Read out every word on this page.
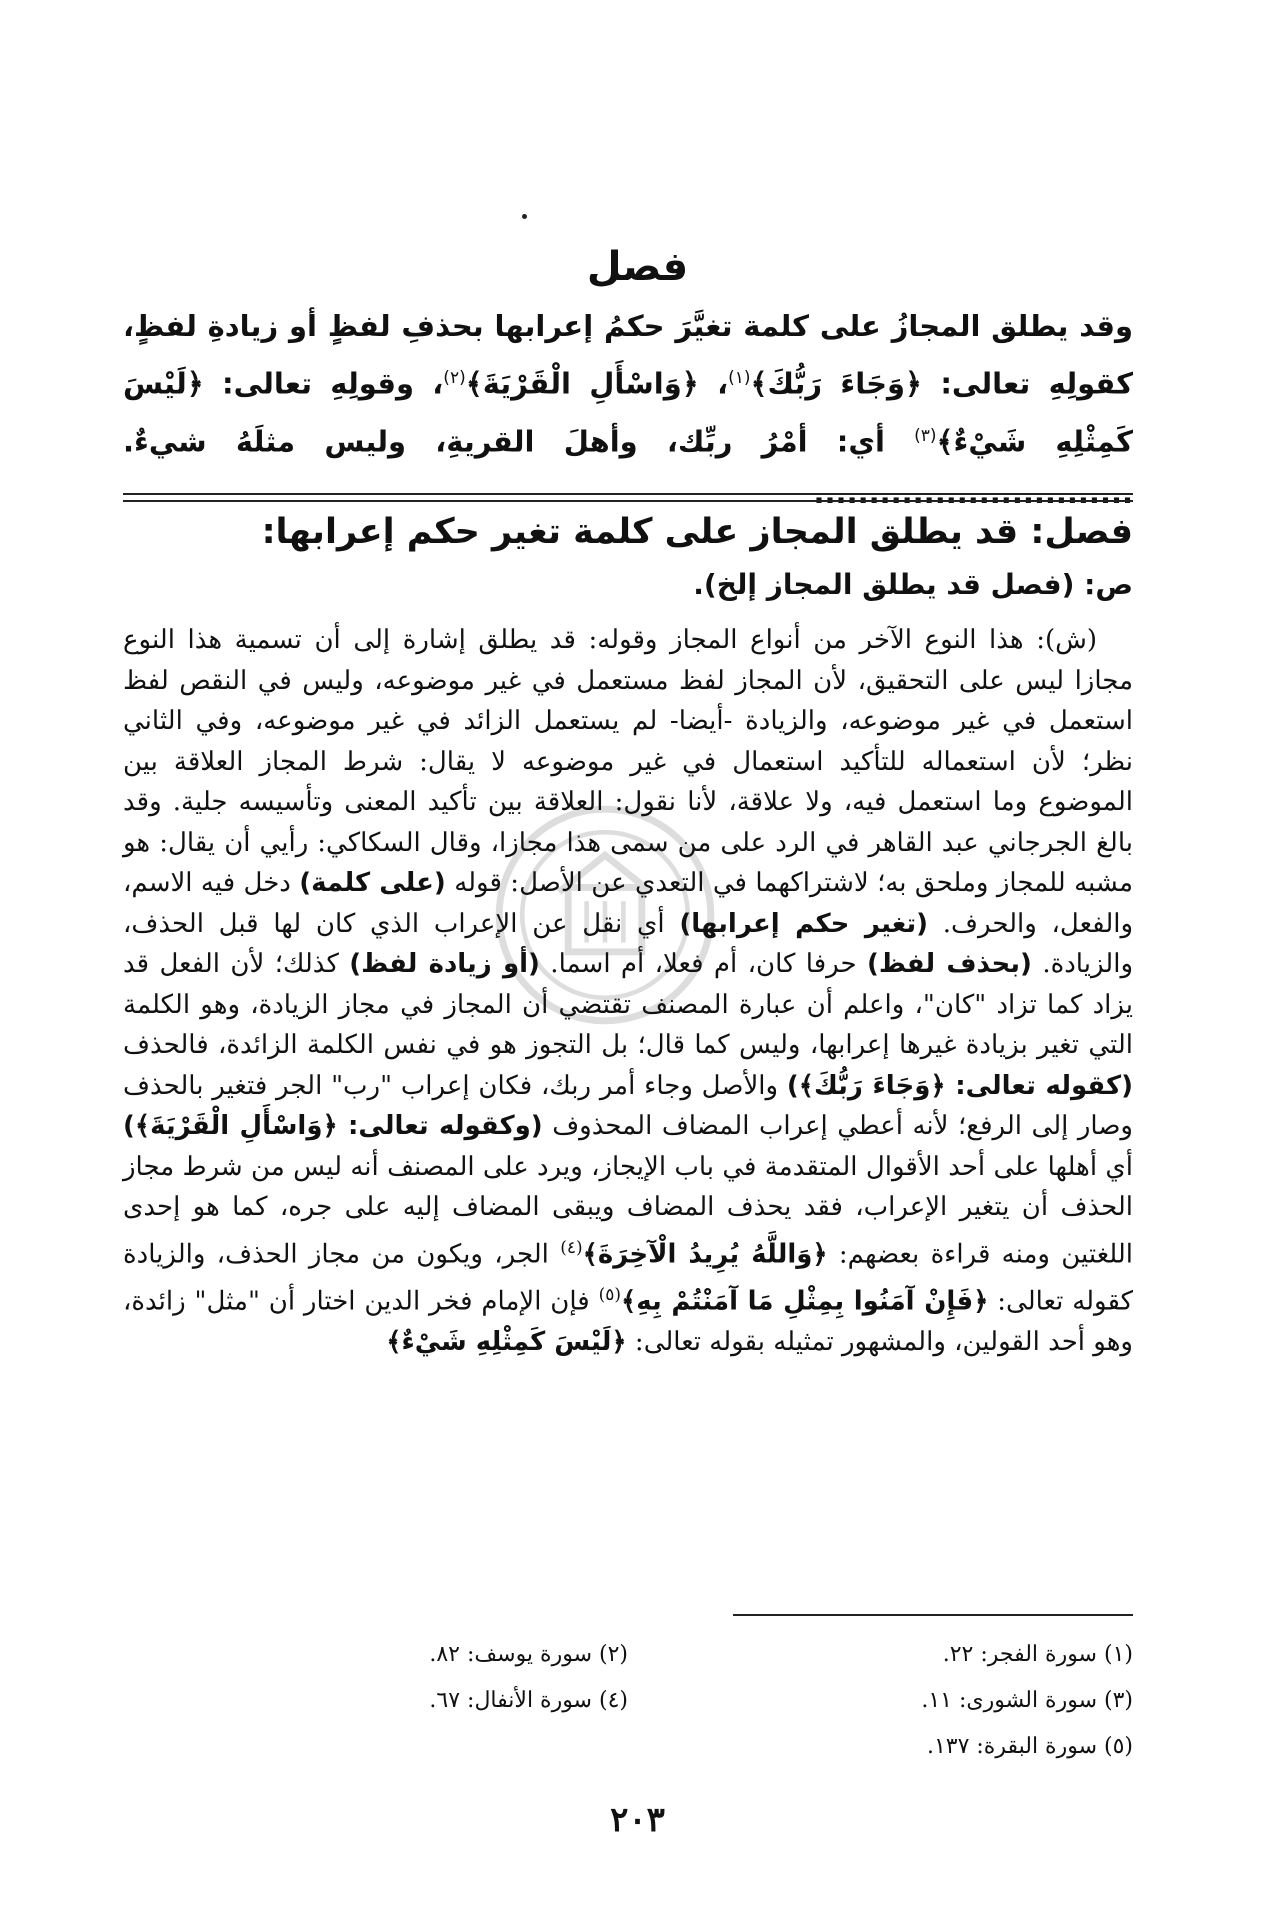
فصل

وقد يطلق المجازُ على كلمة تغيَّرَ حكمُ إعرابها بحذفِ لفظٍ أو زيادةِ لفظٍ، كقولِهِ تعالى: ﴿وَجَاءَ رَبُّكَ﴾$^{(١)}$، ﴿وَاسْأَلِ الْقَرْيَةَ﴾$^{(٢)}$، وقولِهِ تعالى: ﴿لَيْسَ كَمِثْلِهِ شَيْءٌ﴾$^{(٣)}$ أي: أمْرُ ربِّك، وأهلَ القريةِ، وليس مثلَهُ شيءٌ. .............................

فصل: قد يطلق المجاز على كلمة تغير حكم إعرابها:
ص: (فصل قد يطلق المجاز إلخ).

(ش): هذا النوع الآخر من أنواع المجاز وقوله: قد يطلق إشارة إلى أن تسمية هذا النوع مجازا ليس على التحقيق، لأن المجاز لفظ مستعمل في غير موضوعه، وليس في النقص لفظ استعمل في غير موضوعه، والزيادة -أيضا- لم يستعمل الزائد في غير موضوعه، وفي الثاني نظر؛ لأن استعماله للتأكيد استعمال في غير موضوعه لا يقال: شرط المجاز العلاقة بين الموضوع وما استعمل فيه، ولا علاقة، لأنا نقول: العلاقة بين تأكيد المعنى وتأسيسه جلية. وقد بالغ الجرجاني عبد القاهر في الرد على من سمى هذا مجازا، وقال السكاكي: رأيي أن يقال: هو مشبه للمجاز وملحق به؛ لاشتراكهما في التعدي عن الأصل: قوله (على كلمة) دخل فيه الاسم، والفعل، والحرف. (تغير حكم إعرابها) أي نقل عن الإعراب الذي كان لها قبل الحذف، والزيادة. (بحذف لفظ) حرفا كان، أم فعلا، أم اسما. (أو زيادة لفظ) كذلك؛ لأن الفعل قد يزاد كما تزاد "كان"، واعلم أن عبارة المصنف تقتضي أن المجاز في مجاز الزيادة، وهو الكلمة التي تغير بزيادة غيرها إعرابها، وليس كما قال؛ بل التجوز هو في نفس الكلمة الزائدة، فالحذف (كقوله تعالى: ﴿وَجَاءَ رَبُّكَ﴾) والأصل وجاء أمر ربك، فكان إعراب "رب" الجر فتغير بالحذف وصار إلى الرفع؛ لأنه أعطي إعراب المضاف المحذوف (وكقوله تعالى: ﴿وَاسْأَلِ الْقَرْيَةَ﴾) أي أهلها على أحد الأقوال المتقدمة في باب الإيجاز، ويرد على المصنف أنه ليس من شرط مجاز الحذف أن يتغير الإعراب، فقد يحذف المضاف ويبقى المضاف إليه على جره، كما هو إحدى اللغتين ومنه قراءة بعضهم: ﴿وَاللَّهُ يُرِيدُ الْآخِرَةَ﴾$^{(٤)}$ الجر، ويكون من مجاز الحذف، والزيادة كقوله تعالى: ﴿فَإِنْ آمَنُوا بِمِثْلِ مَا آمَنْتُمْ بِهِ﴾$^{(٥)}$ فإن الإمام فخر الدين اختار أن "مثل" زائدة، وهو أحد القولين، والمشهور تمثيله بقوله تعالى: ﴿لَيْسَ كَمِثْلِهِ شَيْءٌ﴾

(١) سورة الفجر: ٢٢.
(٢) سورة يوسف: ٨٢.
(٣) سورة الشورى: ١١.
(٤) سورة الأنفال: ٦٧.
(٥) سورة البقرة: ١٣٧.
٢٠٣
